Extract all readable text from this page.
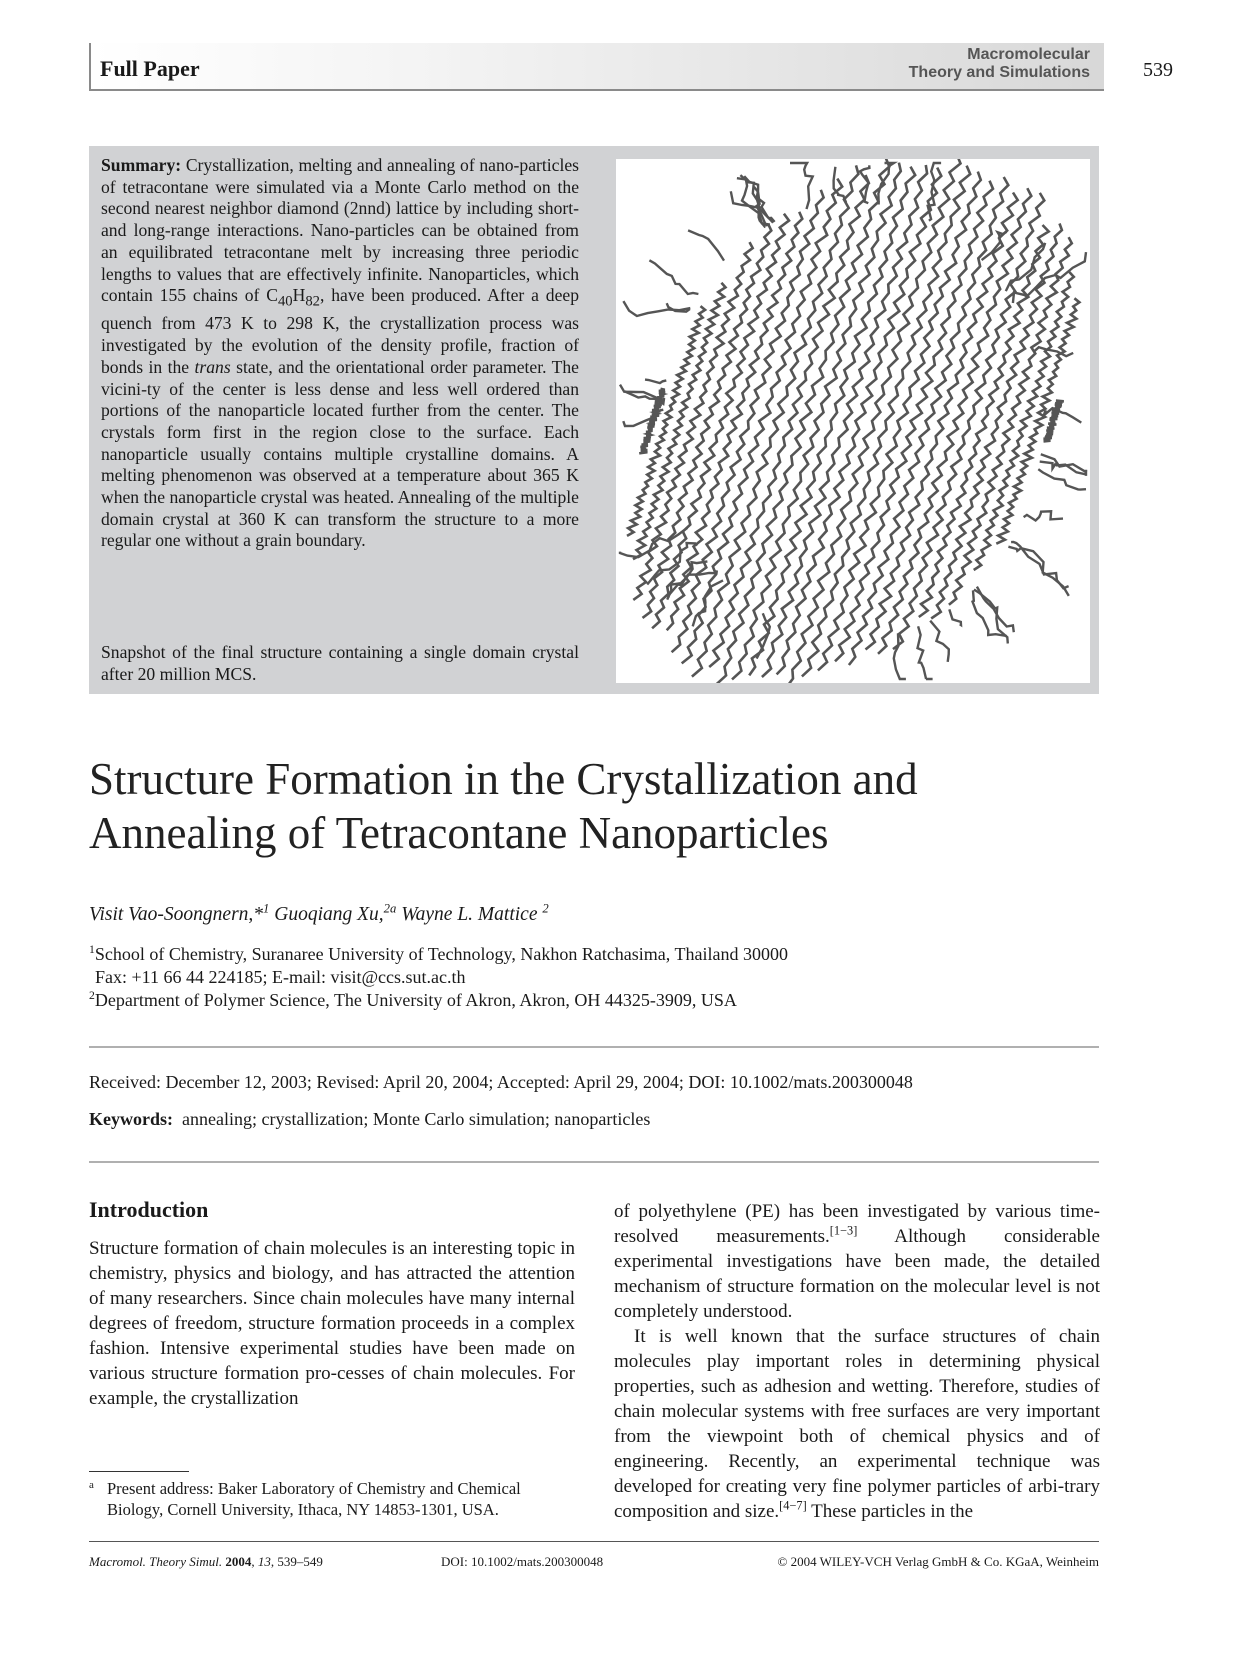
Full Paper
Macromolecular
Theory and Simulations	539
Summary: Crystallization, melting and annealing of nano-particles of tetracontane were simulated via a Monte Carlo method on the second nearest neighbor diamond (2nnd) lattice by including short- and long-range interactions. Nano-particles can be obtained from an equilibrated tetracontane melt by increasing three periodic lengths to values that are effectively infinite. Nanoparticles, which contain 155 chains of $C_{40}H_{82}$, have been produced. After a deep quench from 473 K to 298 K, the crystallization process was investigated by the evolution of the density profile, fraction of bonds in the trans state, and the orientational order parameter. The vicini-ty of the center is less dense and less well ordered than portions of the nanoparticle located further from the center. The crystals form first in the region close to the surface. Each nanoparticle usually contains multiple crystalline domains. A melting phenomenon was observed at a temperature about 365 K when the nanoparticle crystal was heated. Annealing of the multiple domain crystal at 360 K can transform the structure to a more regular one without a grain boundary.
Snapshot of the final structure containing a single domain crystal after 20 million MCS.
Structure Formation in the Crystallization and
Annealing of Tetracontane Nanoparticles
Visit Vao-Soongnern,*$^1$ Guoqiang Xu,$^{2a}$ Wayne L. Mattice $^2$
$^1$School of Chemistry, Suranaree University of Technology, Nakhon Ratchasima, Thailand 30000
Fax: +11 66 44 224185; E-mail: visit@ccs.sut.ac.th
$^2$Department of Polymer Science, The University of Akron, Akron, OH 44325-3909, USA
Received: December 12, 2003; Revised: April 20, 2004; Accepted: April 29, 2004; DOI: 10.1002/mats.200300048
Keywords: annealing; crystallization; Monte Carlo simulation; nanoparticles
Introduction
Structure formation of chain molecules is an interesting topic in chemistry, physics and biology, and has attracted the attention of many researchers. Since chain molecules have many internal degrees of freedom, structure formation proceeds in a complex fashion. Intensive experimental studies have been made on various structure formation pro-cesses of chain molecules. For example, the crystallization

of polyethylene (PE) has been investigated by various time-resolved measurements.[1−3] Although considerable experimental investigations have been made, the detailed mechanism of structure formation on the molecular level is not completely understood.

It is well known that the surface structures of chain molecules play important roles in determining physical properties, such as adhesion and wetting. Therefore, studies of chain molecular systems with free surfaces are very important from the viewpoint both of chemical physics and of engineering. Recently, an experimental technique was developed for creating very fine polymer particles of arbi-trary composition and size.[4−7] These particles in the

a Present address: Baker Laboratory of Chemistry and Chemical Biology, Cornell University, Ithaca, NY 14853-1301, USA.
Macromol. Theory Simul. 2004, 13, 539–549	DOI: 10.1002/mats.200300048	© 2004 WILEY-VCH Verlag GmbH & Co. KGaA, Weinheim
